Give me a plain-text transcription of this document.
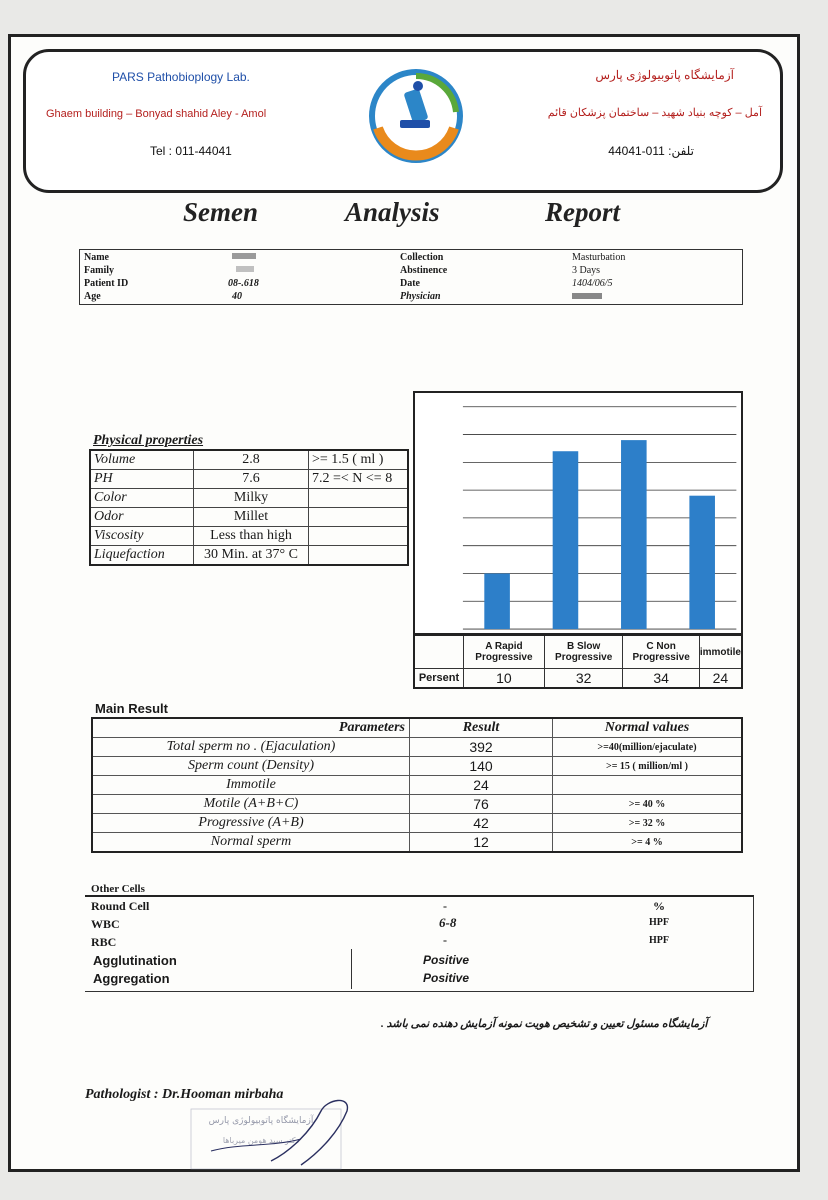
PARS Pathobioplogy Lab.
Ghaem building – Bonyad shahid Aley - Amol
Tel : 011-44041
آزمایشگاه پاتوبیولوژی پارس
آمل – کوچه بنیاد شهید – ساختمان پزشکان قائم
تلفن: 011-44041
Semen	Analysis	Report
Name
Family
Patient ID	08-.618
Age	40
Collection	Masturbation
Abstinence	3 Days
Date	1404/06/5
Physician
Physical properties
Volume	2.8	>= 1.5 ( ml )
PH	7.6	7.2 =< N <= 8
Color	Milky	
Odor	Millet	
Viscosity	Less than high	
Liquefaction	30 Min. at 37° C	
	A Rapid Progressive	B Slow Progressive	C Non Progressive	immotile
Persent	10	32	34	24
Main Result
Parameters	Result	Normal values
Total sperm no . (Ejaculation)	392	>=40(million/ejaculate)
Sperm count (Density)	140	>= 15 ( million/ml )
Immotile	24	
Motile (A+B+C)	76	>= 40 %
Progressive (A+B)	42	>= 32 %
Normal sperm	12	>= 4 %
Other Cells
Round Cell	-	%
WBC	6-8	HPF
RBC	-	HPF
Agglutination	Positive
Aggregation	Positive
آزمایشگاه مسئول تعیین و تشخیص هویت نمونه آزمایش دهنده نمی باشد .
Pathologist : Dr.Hooman mirbaha
آزمایشگاه پاتوبیولوژی پارس
دکتر سید هومن میرباها
